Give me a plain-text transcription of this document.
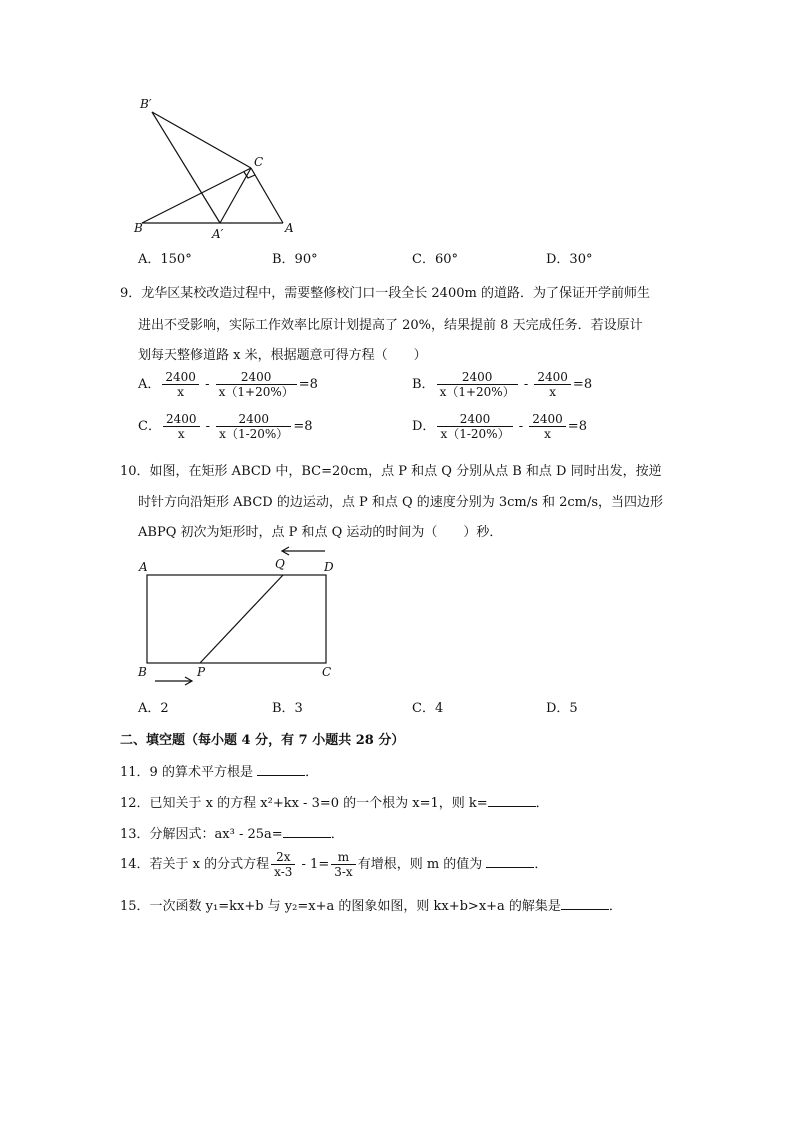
B′
C
B	A′	A
A．150°	B．90°	C．60°	D．30°
9．龙华区某校改造过程中，需要整修校门口一段全长 2400m 的道路．为了保证开学前师生
进出不受影响，实际工作效率比原计划提高了 20%，结果提前 8 天完成任务．若设原计
划每天整修道路 x 米，根据题意可得方程（　　）
A． $\frac{2400}{x} - \frac{2400}{x(1+20\%)} =8$	B． $\frac{2400}{x(1+20\%)} - \frac{2400}{x} =8$
C． $\frac{2400}{x} - \frac{2400}{x(1-20\%)} =8$	D． $\frac{2400}{x(1-20\%)} - \frac{2400}{x} =8$
10．如图，在矩形 ABCD 中，BC=20cm，点 P 和点 Q 分别从点 B 和点 D 同时出发，按逆
时针方向沿矩形 ABCD 的边运动，点 P 和点 Q 的速度分别为 3cm/s 和 2cm/s，当四边形
ABPQ 初次为矩形时，点 P 和点 Q 运动的时间为（　　）秒．
A	Q	D
B	P	C
A．2	B．3	C．4	D．5
二、填空题（每小题 4 分，有 7 小题共 28 分）
11．9 的算术平方根是	．
12．已知关于 x 的方程 x²+kx - 3=0 的一个根为 x=1，则 k=	．
13．分解因式：ax³ - 25a=	．
14．若关于 x 的分式方程 $\frac{2x}{x-3} - 1= \frac{m}{3-x}$ 有增根，则 m 的值为	．
15．一次函数 y₁=kx+b 与 y₂=x+a 的图象如图，则 kx+b>x+a 的解集是	．
